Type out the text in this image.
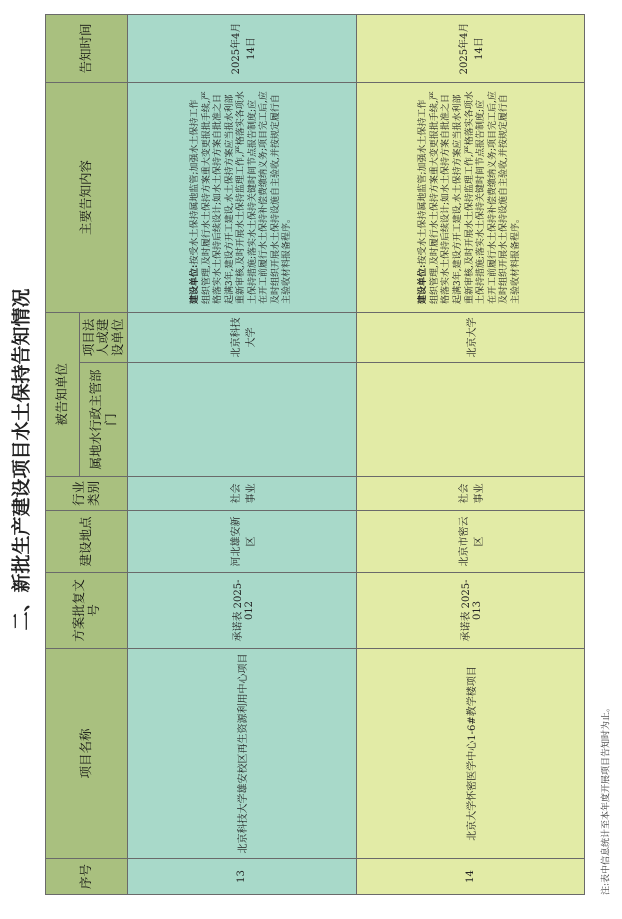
二、新批生产建设项目水土保持告知情况
序号	项目名称	方案批复文号	建设地点	行业类别	被告知单位		主要告知内容	告知时间
					属地水行政主管部门	项目法人或建设单位		
13	北京科技大学雄安校区再生资源利用中心项目	承诺表 2025-012	河北雄安新区	社会事业		北京科技大学	建设单位:按受水土保持属地监管;加强水土保持工作组织管理,及时履行水土保持方案重大变更报批手续,严格落实水土保持后续设计;如水土保持方案自批准之日起满3年,建设方开工建设,水土保持方案应当报水利部重新审核,及时开展水土保持监理工作,严格落实各项水土保持措施;落实水土保持关键时间节点报告制度;应在开工前履行水土保持补偿费缴纳义务;项目完工后,应及时组织开展水土保持设施自主验收,并按规定履行自主验收材料报备程序。	2025年4月14日
14	北京大学怀密医学中心1-6#教学楼项目	承诺表 2025-013	北京市密云区	社会事业		北京大学	建设单位:按受水土保持属地监管;加强水土保持工作组织管理,及时履行水土保持方案重大变更报批手续,严格落实水土保持后续设计;如水土保持方案自批准之日起满3年,建设方开工建设,水土保持方案应当报水利部重新审核,及时开展水土保持监理工作,严格落实各项水土保持措施;落实水土保持关键时间节点报告制度;应在开工前履行水土保持补偿费缴纳义务;项目完工后,应及时组织开展水土保持设施自主验收,并按规定履行自主验收材料报备程序。	2025年4月14日
注:表中信息统计至本年度开展项目告知时为止。
